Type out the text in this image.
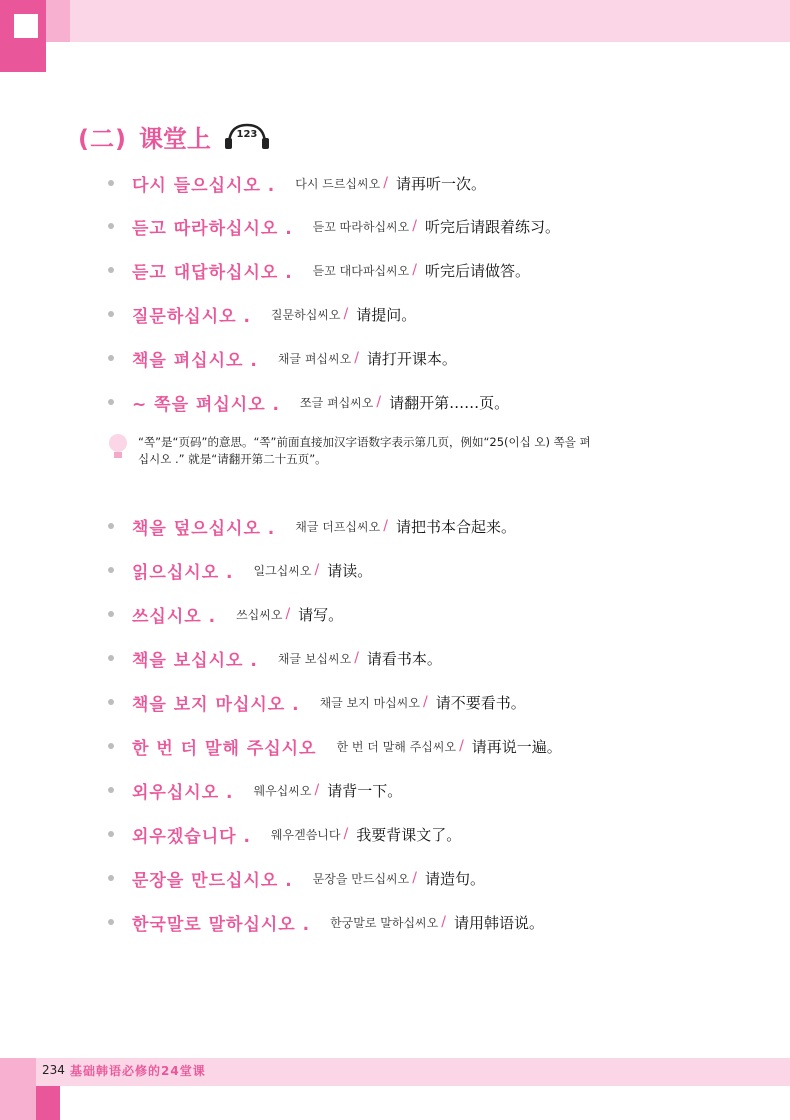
(二) 课堂上	123
다시 들으십시오 . 다시 드르십씨오 / 请再听一次。
듣고 따라하십시오 . 듣꼬 따라하십씨오 / 听完后请跟着练习。
듣고 대답하십시오 . 듣꼬 대다파십씨오 / 听完后请做答。
질문하십시오 . 질문하십씨오 / 请提问。
책을 펴십시오 . 채글 펴십씨오 / 请打开课本。
~ 쪽을 펴십시오 . 쪼글 펴십씨오 / 请翻开第……页。
책을 덮으십시오 . 채글 더프십씨오 / 请把书本合起来。
읽으십시오 . 일그십씨오 / 请读。
쓰십시오 . 쓰십씨오 / 请写。
책을 보십시오 . 채글 보십씨오 / 请看书本。
책을 보지 마십시오 . 채글 보지 마십씨오 / 请不要看书。
한 번 더 말해 주십시오 한 번 더 말해 주십씨오 / 请再说一遍。
외우십시오 . 웨우십씨오 / 请背一下。
외우겠습니다 . 웨우겓씀니다 / 我要背课文了。
문장을 만드십시오 . 문장을 만드십씨오 / 请造句。
한국말로 말하십시오 . 한궁말로 말하십씨오 / 请用韩语说。
“쪽”是“页码”的意思。“쪽”前面直接加汉字语数字表示第几页，例如“25(이십 오) 쪽을 펴
십시오 .” 就是“请翻开第二十五页”。
234 基础韩语必修的24堂课
